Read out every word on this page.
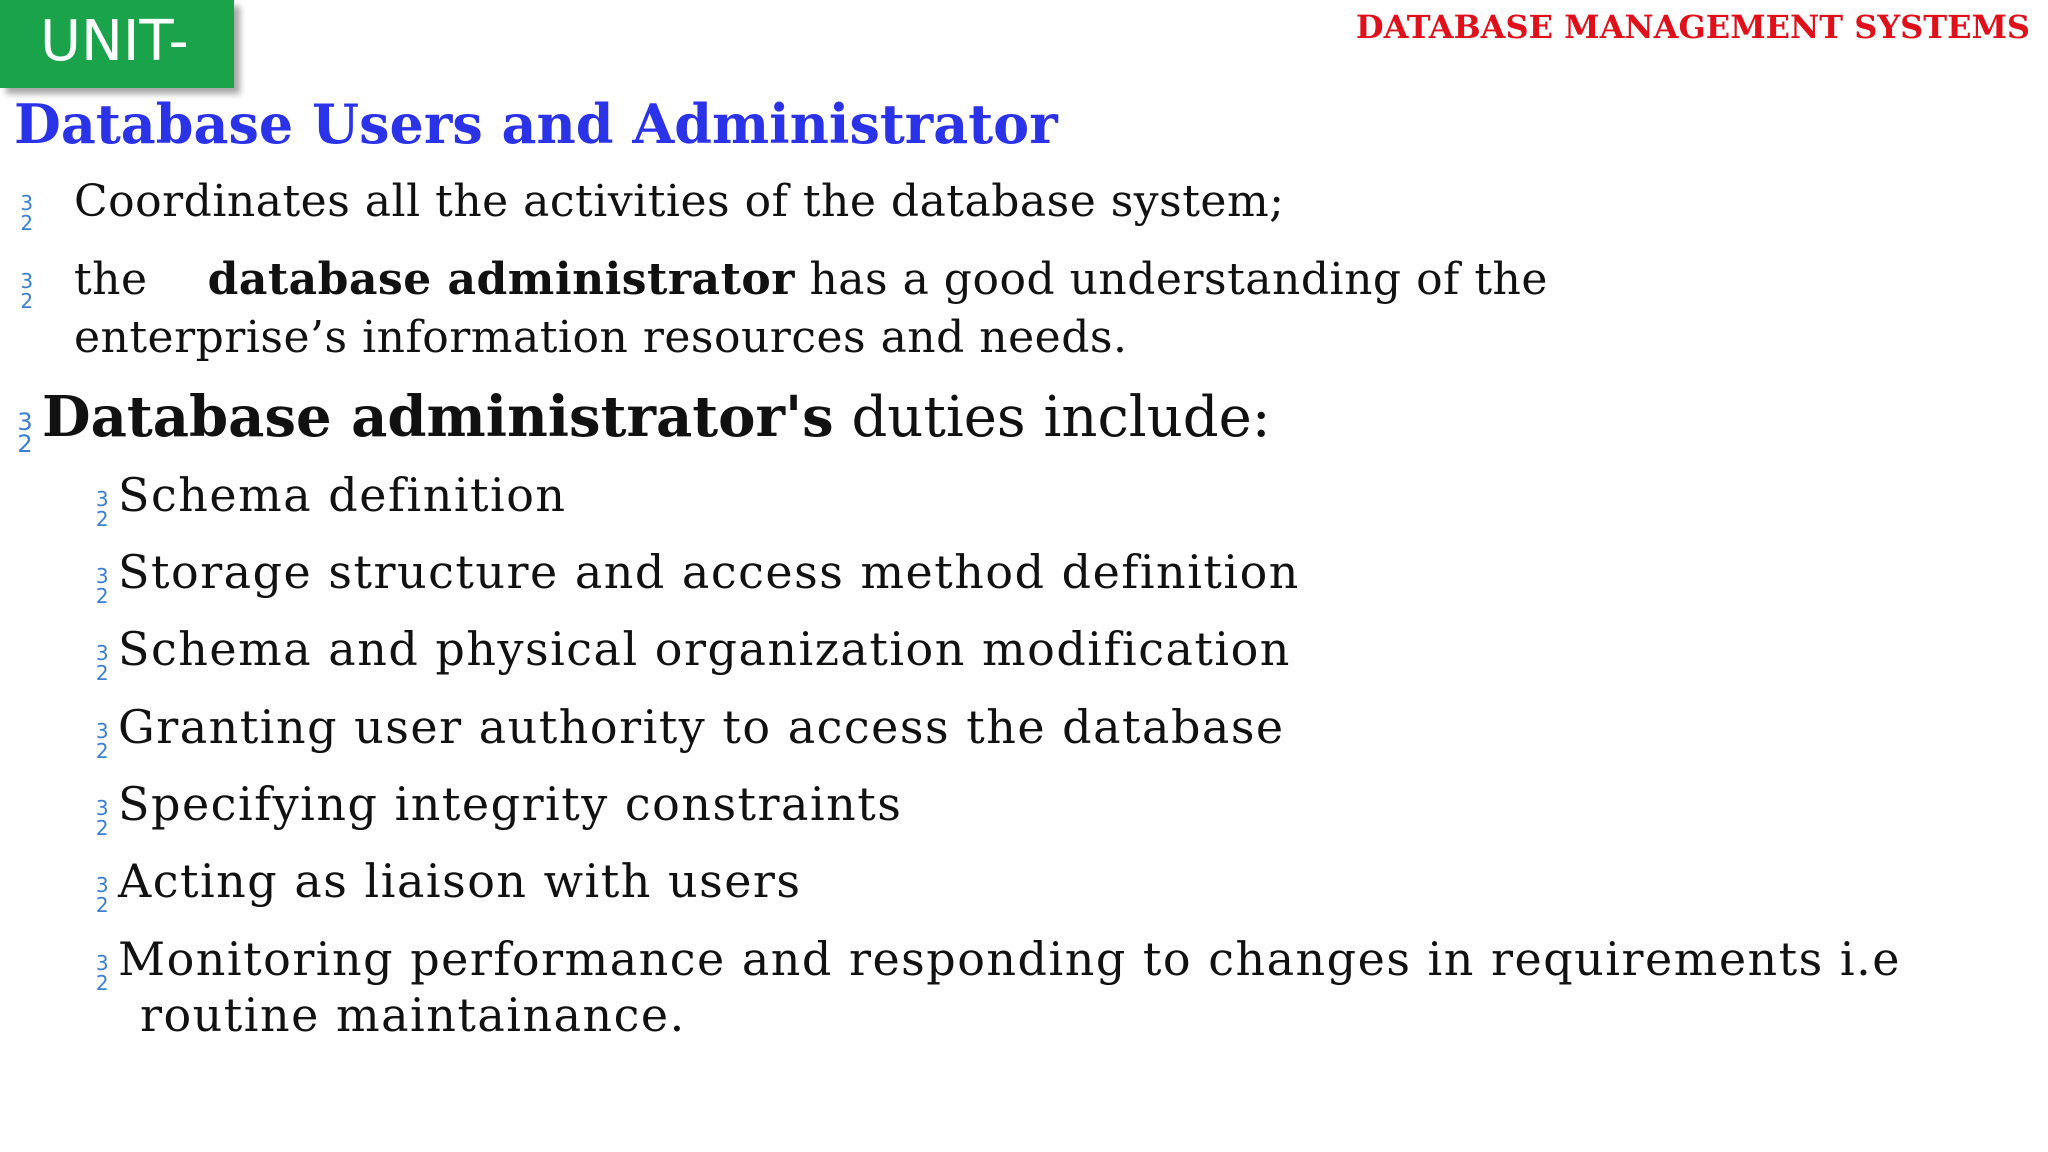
UNIT-	DATABASE MANAGEMENT SYSTEMS
Database Users and Administrator
3
2 Coordinates all the activities of the database system;
3
2 the database administrator has a good understanding of the
enterprise’s information resources and needs.
3
2 Database administrator's duties include:
3
2 Schema definition
3
2 Storage structure and access method definition
3
2 Schema and physical organization modification
3
2 Granting user authority to access the database
3
2 Specifying integrity constraints
3
2 Acting as liaison with users
3
2 Monitoring performance and responding to changes in requirements i.e
routine maintainance.
